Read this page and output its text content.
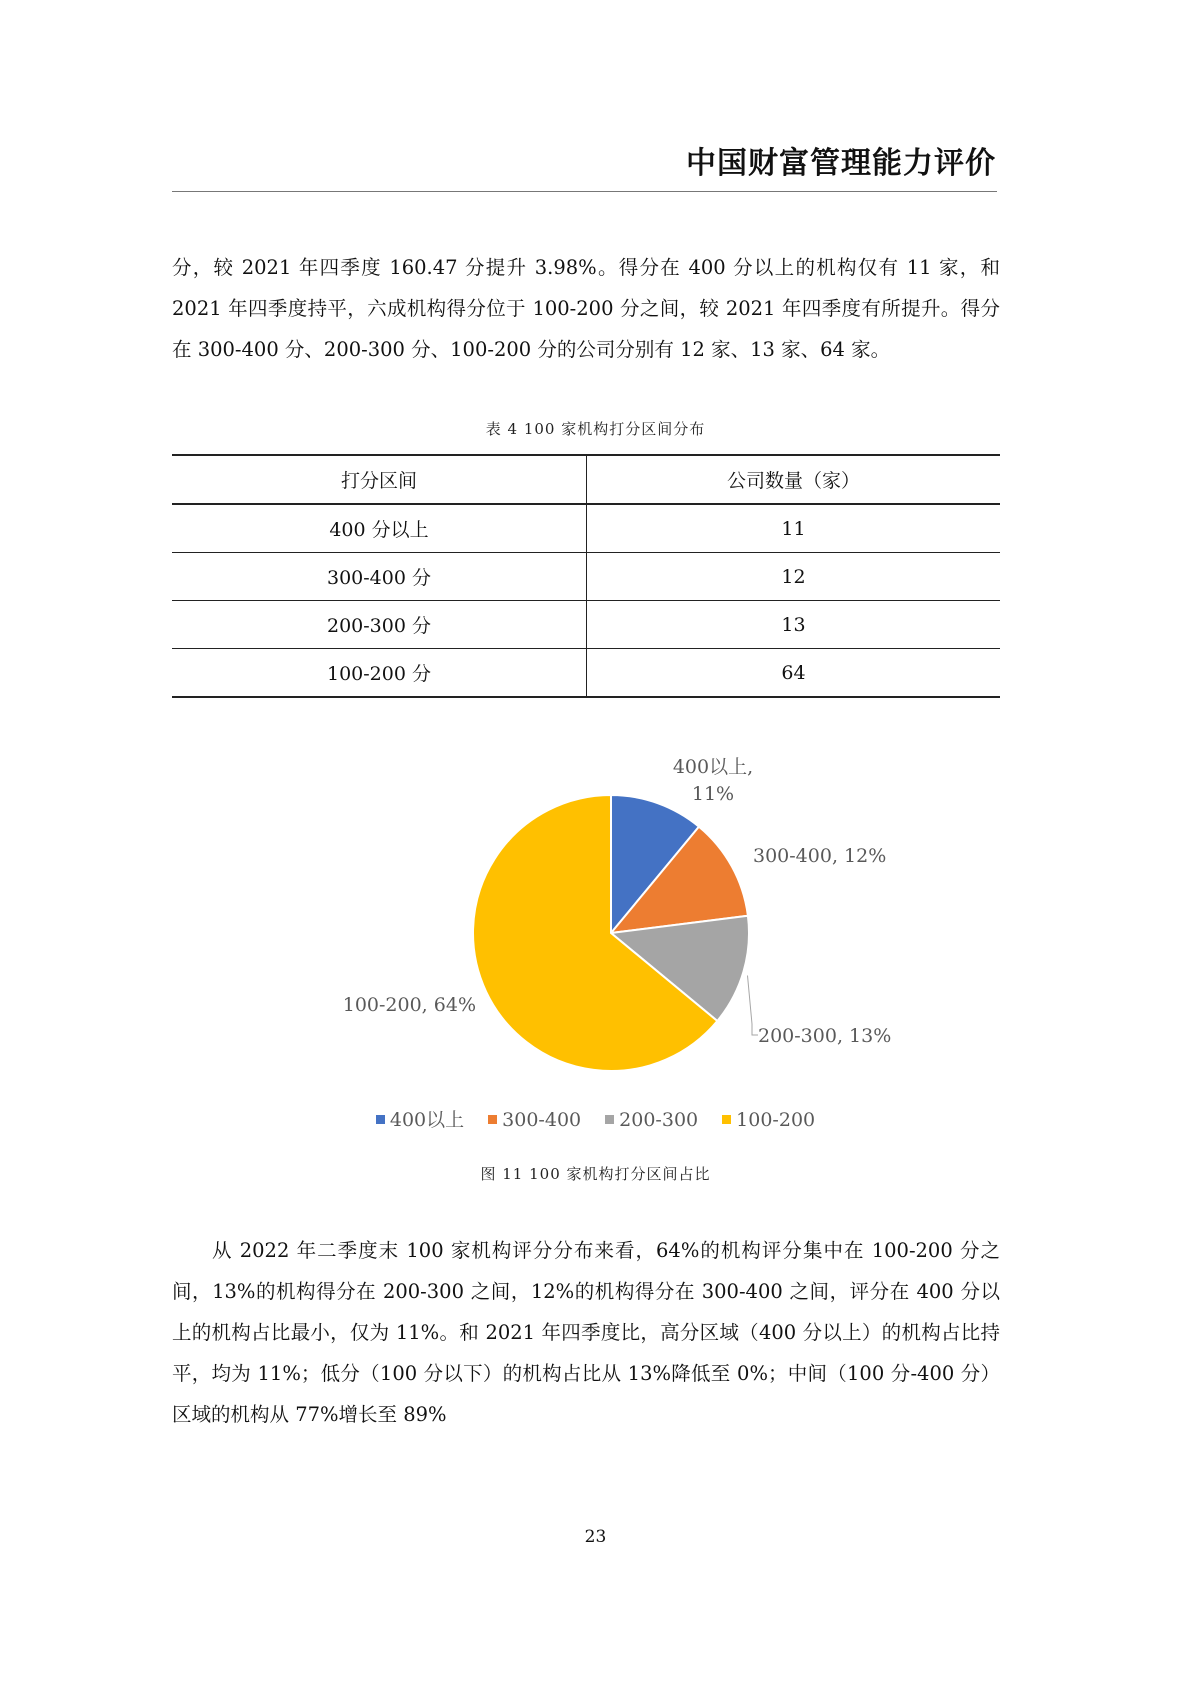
中国财富管理能力评价

分，较 2021 年四季度 160.47 分提升 3.98%。得分在 400 分以上的机构仅有 11 家，和 2021 年四季度持平，六成机构得分位于 100-200 分之间，较 2021 年四季度有所提升。得分在 300-400 分、200-300 分、100-200 分的公司分别有 12 家、13 家、64 家。

表 4 100 家机构打分区间分布

打分区间	公司数量（家）
400 分以上	11
300-400 分	12
200-300 分	13
100-200 分	64
400以上,
11%
300-400, 12%
200-300, 13%
100-200, 64%
400以上 300-400 200-300 100-200

图 11 100 家机构打分区间占比

从 2022 年二季度末 100 家机构评分分布来看，64%的机构评分集中在 100-200 分之间，13%的机构得分在 200-300 之间，12%的机构得分在 300-400 之间，评分在 400 分以上的机构占比最小，仅为 11%。和 2021 年四季度比，高分区域（400 分以上）的机构占比持平，均为 11%；低分（100 分以下）的机构占比从 13%降低至 0%；中间（100 分-400 分）区域的机构从 77%增长至 89%

23
